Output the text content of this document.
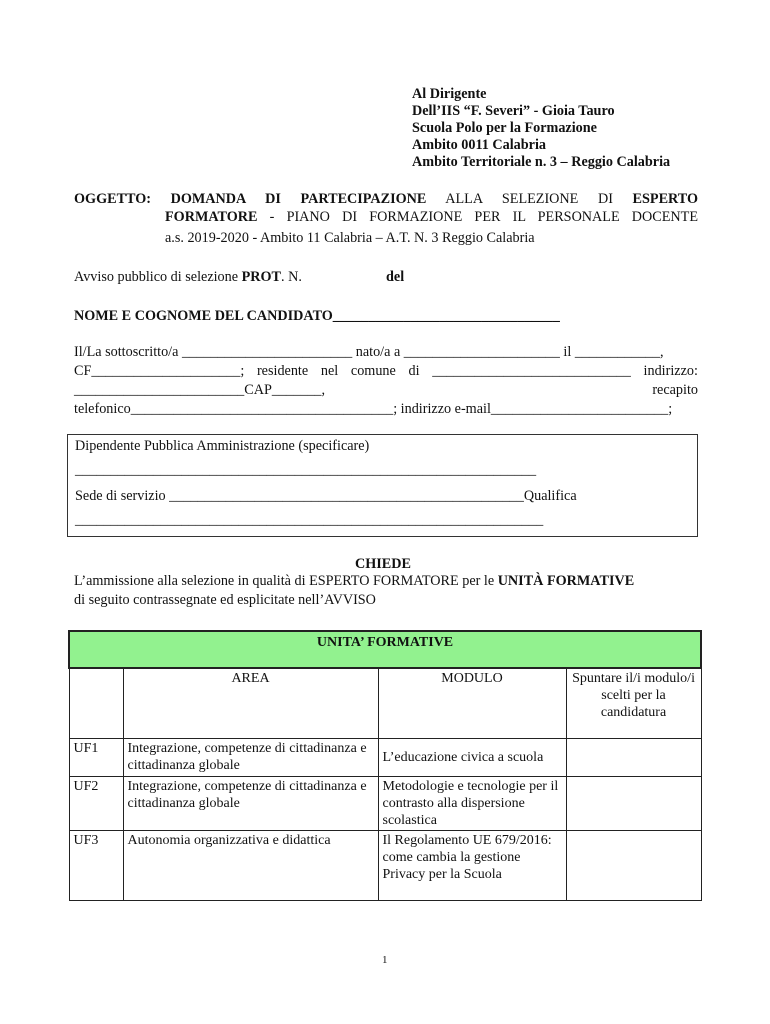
Al Dirigente
Dell’IIS “F. Severi” - Gioia Tauro
Scuola Polo per la Formazione
Ambito 0011 Calabria
Ambito Territoriale n. 3 – Reggio Calabria
OGGETTO: DOMANDA DI PARTECIPAZIONE ALLA SELEZIONE DI ESPERTO
FORMATORE - PIANO DI FORMAZIONE PER IL PERSONALE DOCENTE
a.s. 2019-2020 - Ambito 11 Calabria – A.T. N. 3 Reggio Calabria
Avviso pubblico di selezione PROT. N.	del
NOME E COGNOME DEL CANDIDATO________________________________
Il/La sottoscritto/a ________________________ nato/a a ______________________ il ____________,
CF_____________________; residente nel comune di ____________________________ indirizzo:
________________________CAP_______,	recapito
telefonico_____________________________________; indirizzo e-mail_________________________;
Dipendente Pubblica Amministrazione (specificare)
_________________________________________________________________
Sede di servizio __________________________________________________Qualifica
__________________________________________________________________
CHIEDE
L’ammissione alla selezione in qualità di ESPERTO FORMATORE per le UNITÀ FORMATIVE
di seguito contrassegnate ed esplicitate nell’AVVISO
UNITA’ FORMATIVE			
	AREA	MODULO	Spuntare il/i modulo/i scelti per la candidatura
UF1	Integrazione, competenze di cittadinanza e cittadinanza globale	L’educazione civica a scuola	
UF2	Integrazione, competenze di cittadinanza e cittadinanza globale	Metodologie e tecnologie per il contrasto alla dispersione scolastica	
UF3	Autonomia organizzativa e didattica	Il Regolamento UE 679/2016: come cambia la gestione Privacy per la Scuola	
1
